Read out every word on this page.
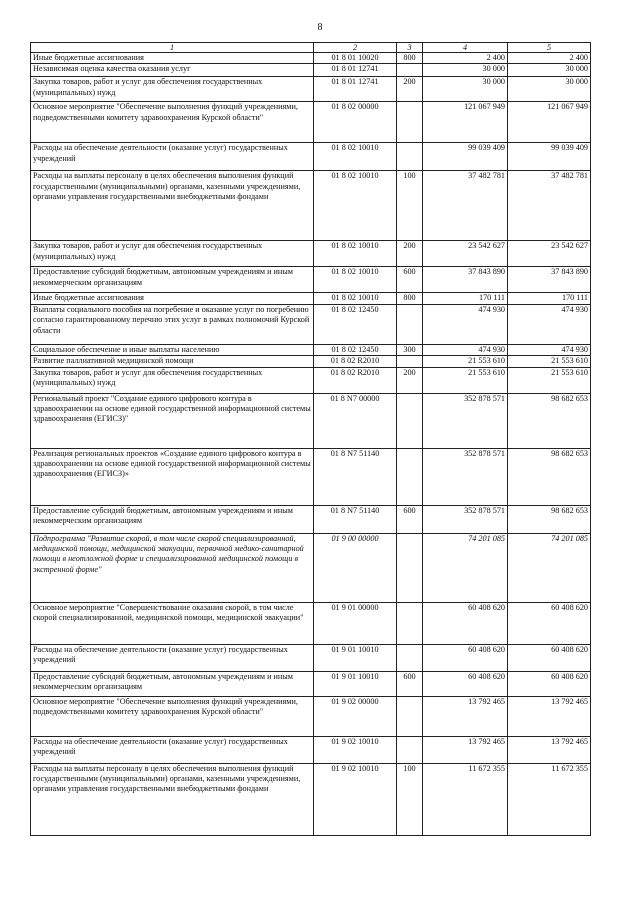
8
1	2	3	4	5
Иные бюджетные ассигнования	01 8 01 10020	800	2 400	2 400
Независимая оценка качества оказания услуг	01 8 01 12741		30 000	30 000
Закупка товаров, работ и услуг для обеспечения государственных (муниципальных) нужд	01 8 01 12741	200	30 000	30 000
Основное мероприятие "Обеспечение выполнения функций учреждениями, подведомственными комитету здравоохранения Курской области"	01 8 02 00000		121 067 949	121 067 949
Расходы на обеспечение деятельности (оказание услуг) государственных учреждений	01 8 02 10010		99 039 409	99 039 409
Расходы на выплаты персоналу в целях обеспечения выполнения функций государственными (муниципальными) органами, казенными учреждениями, органами управления государственными внебюджетными фондами	01 8 02 10010	100	37 482 781	37 482 781
Закупка товаров, работ и услуг для обеспечения государственных (муниципальных) нужд	01 8 02 10010	200	23 542 627	23 542 627
Предоставление субсидий бюджетным, автономным учреждениям и иным некоммерческим организациям	01 8 02 10010	600	37 843 890	37 843 890
Иные бюджетные ассигнования	01 8 02 10010	800	170 111	170 111
Выплаты социального пособия на погребение и оказание услуг по погребению согласно гарантированному перечню этих услуг в рамках полномочий Курской области	01 8 02 12450		474 930	474 930
Социальное обеспечение и иные выплаты населению	01 8 02 12450	300	474 930	474 930
Развитие паллиативной медицинской помощи	01 8 02 R2010		21 553 610	21 553 610
Закупка товаров, работ и услуг для обеспечения государственных (муниципальных) нужд	01 8 02 R2010	200	21 553 610	21 553 610
Региональный проект "Создание единого цифрового контура в здравоохранении на основе единой государственной информационной системы здравоохранения (ЕГИСЗ)"	01 8 N7 00000		352 878 571	98 682 653
Реализация региональных проектов «Создание единого цифрового контура в здравоохранении на основе единой государственной информационной системы здравоохранения (ЕГИСЗ)»	01 8 N7 51140		352 878 571	98 682 653
Предоставление субсидий бюджетным, автономным учреждениям и иным некоммерческим организациям	01 8 N7 51140	600	352 878 571	98 682 653
Подпрограмма "Развитие скорой, в том числе скорой специализированной, медицинской помощи, медицинской эвакуации, первичной медико-санитарной помощи в неотложной форме и специализированной медицинской помощи в экстренной форме"	01 9 00 00000		74 201 085	74 201 085
Основное мероприятие "Совершенствование оказания скорой, в том числе скорой специализированной, медицинской помощи, медицинской эвакуации"	01 9 01 00000		60 408 620	60 408 620
Расходы на обеспечение деятельности (оказание услуг) государственных учреждений	01 9 01 10010		60 408 620	60 408 620
Предоставление субсидий бюджетным, автономным учреждениям и иным некоммерческим организациям	01 9 01 10010	600	60 408 620	60 408 620
Основное мероприятие "Обеспечение выполнения функций учреждениями, подведомственными комитету здравоохранения Курской области"	01 9 02 00000		13 792 465	13 792 465
Расходы на обеспечение деятельности (оказание услуг) государственных учреждений	01 9 02 10010		13 792 465	13 792 465
Расходы на выплаты персоналу в целях обеспечения выполнения функций государственными (муниципальными) органами, казенными учреждениями, органами управления государственными внебюджетными фондами	01 9 02 10010	100	11 672 355	11 672 355
